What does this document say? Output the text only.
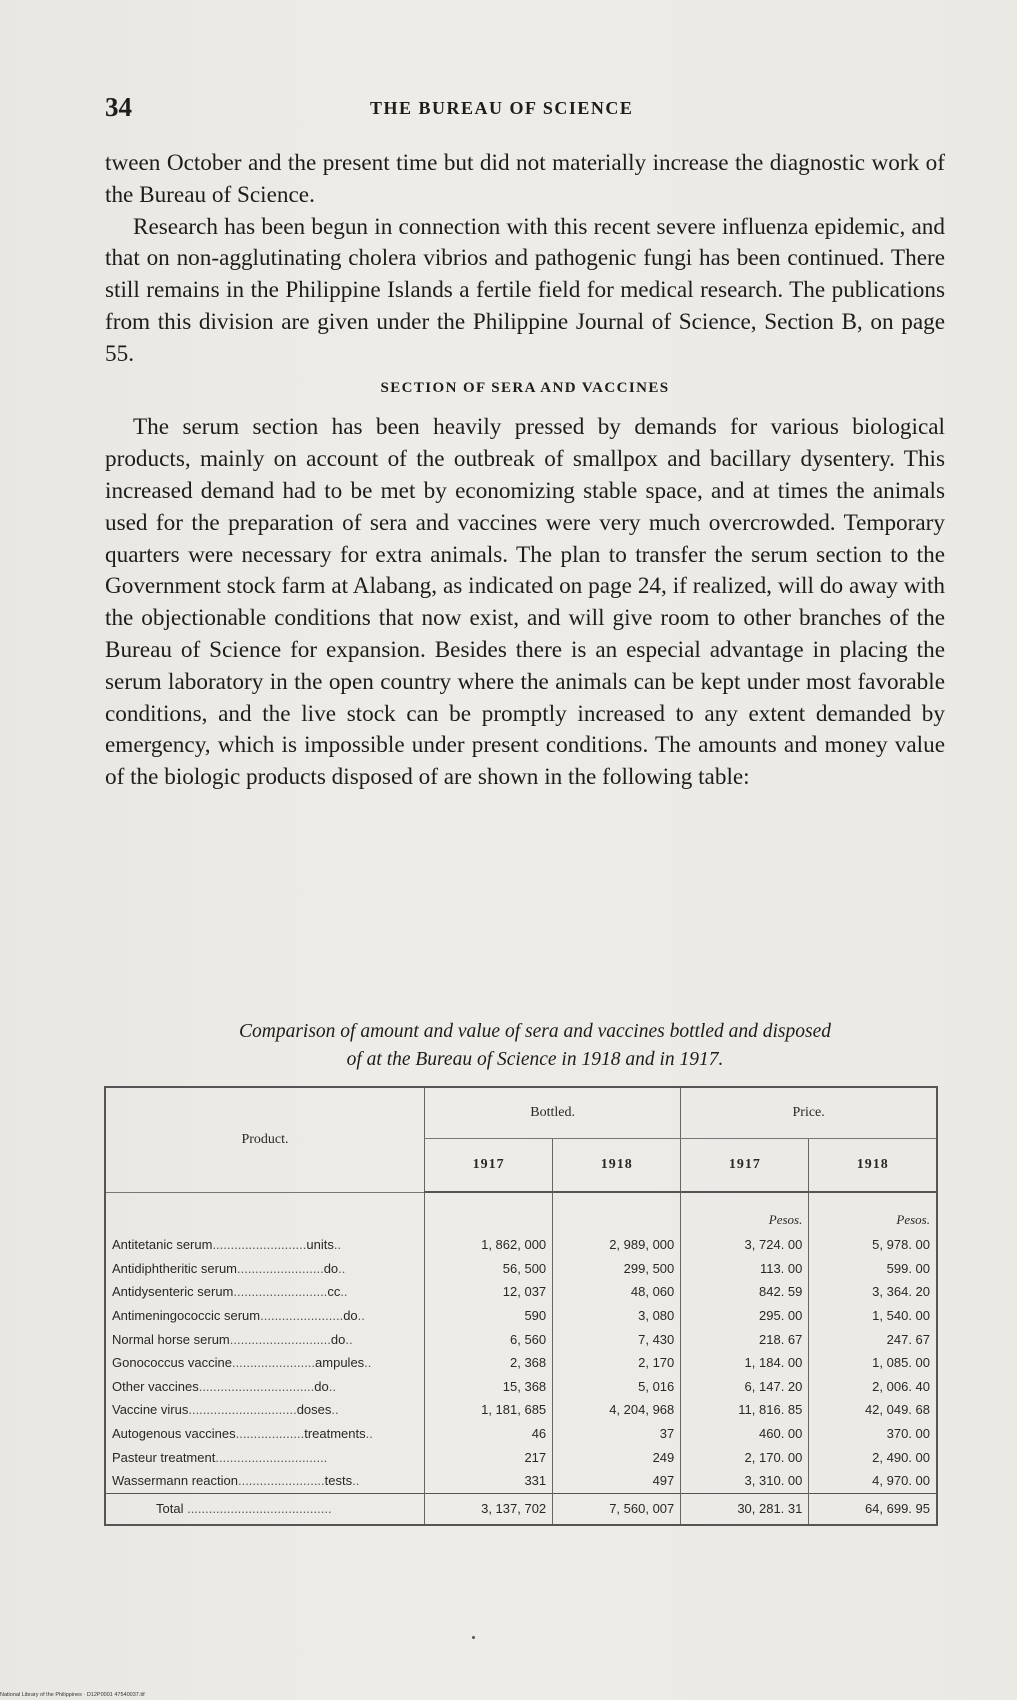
34	THE BUREAU OF SCIENCE

tween October and the present time but did not materially increase the diagnostic work of the Bureau of Science.

Research has been begun in connection with this recent severe influenza epidemic, and that on non-agglutinating cholera vibrios and pathogenic fungi has been continued. There still remains in the Philippine Islands a fertile field for medical research. The publications from this division are given under the Philippine Journal of Science, Section B, on page 55.

SECTION OF SERA AND VACCINES

The serum section has been heavily pressed by demands for various biological products, mainly on account of the outbreak of smallpox and bacillary dysentery. This increased demand had to be met by economizing stable space, and at times the animals used for the preparation of sera and vaccines were very much overcrowded. Temporary quarters were necessary for extra animals. The plan to transfer the serum section to the Government stock farm at Alabang, as indicated on page 24, if realized, will do away with the objectionable conditions that now exist, and will give room to other branches of the Bureau of Science for expansion. Besides there is an especial advantage in placing the serum laboratory in the open country where the animals can be kept under most favorable conditions, and the live stock can be promptly increased to any extent demanded by emergency, which is impossible under present conditions. The amounts and money value of the biologic products disposed of are shown in the following table:

Comparison of amount and value of sera and vaccines bottled and disposed
of at the Bureau of Science in 1918 and in 1917.
Product.	Bottled.		Price.	
	1917	1918	1917	1918
			Pesos.	Pesos.
Antitetanic serum..........................units..	1, 862, 000	2, 989, 000	3, 724. 00	5, 978. 00
Antidiphtheritic serum........................do..	56, 500	299, 500	113. 00	599. 00
Antidysenteric serum..........................cc..	12, 037	48, 060	842. 59	3, 364. 20
Antimeningococcic serum.......................do..	590	3, 080	295. 00	1, 540. 00
Normal horse serum............................do..	6, 560	7, 430	218. 67	247. 67
Gonococcus vaccine.......................ampules..	2, 368	2, 170	1, 184. 00	1, 085. 00
Other vaccines................................do..	15, 368	5, 016	6, 147. 20	2, 006. 40
Vaccine virus..............................doses..	1, 181, 685	4, 204, 968	11, 816. 85	42, 049. 68
Autogenous vaccines...................treatments..	46	37	460. 00	370. 00
Pasteur treatment...............................	217	249	2, 170. 00	2, 490. 00
Wassermann reaction........................tests..	331	497	3, 310. 00	4, 970. 00
Total ........................................	3, 137, 702	7, 560, 007	30, 281. 31	64, 699. 95
National Library of the Philippines · D12P0001 47540037.tif
